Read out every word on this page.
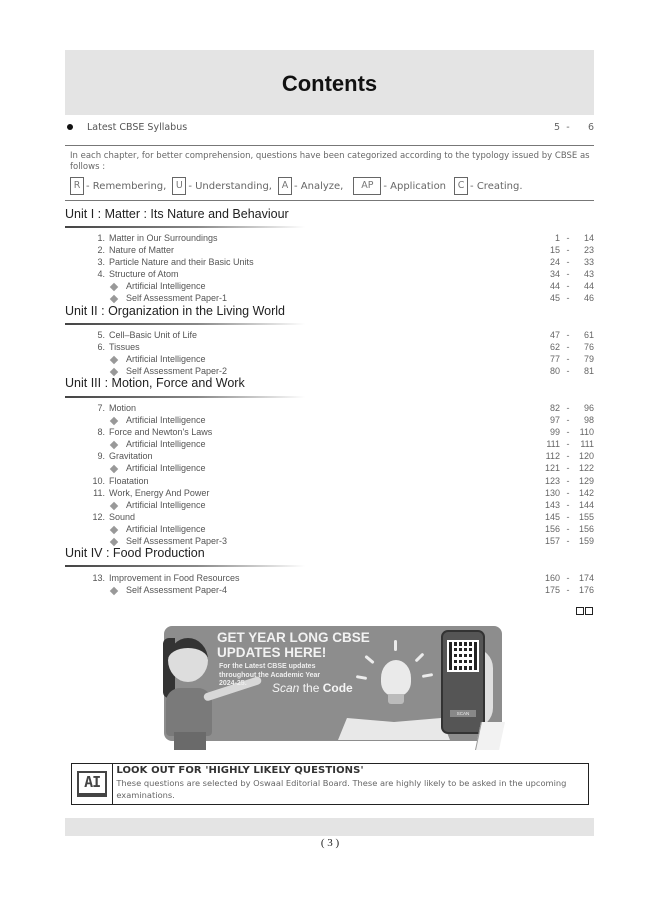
Contents
Latest CBSE Syllabus	5 -	6
In each chapter, for better comprehension, questions have been categorized according to the typology issued by CBSE as follows :
R - Remembering,	U - Understanding,	A - Analyze,	AP - Application	C - Creating.
Unit I : Matter : Its Nature and Behaviour
1. Matter in Our Surroundings	1 -	14
2. Nature of Matter	15 -	23
3. Particle Nature and their Basic Units	24 -	33
4. Structure of Atom	34 -	43
Artificial Intelligence	44 -	44
Self Assessment Paper-1	45 -	46
Unit II : Organization in the Living World
5. Cell–Basic Unit of Life	47 -	61
6. Tissues	62 -	76
Artificial Intelligence	77 -	79
Self Assessment Paper-2	80 -	81
Unit III : Motion, Force and Work
7. Motion	82 -	96
Artificial Intelligence	97 -	98
8. Force and Newton's Laws	99 -	110
Artificial Intelligence	111 -	111
9. Gravitation	112 -	120
Artificial Intelligence	121 -	122
10. Floatation	123 -	129
11. Work, Energy And Power	130 -	142
Artificial Intelligence	143 -	144
12. Sound	145 -	155
Artificial Intelligence	156 -	156
Self Assessment Paper-3	157 -	159
Unit IV : Food Production
13. Improvement in Food Resources	160 -	174
Self Assessment Paper-4	175 -	176
GET YEAR LONG CBSE
UPDATES HERE!
For the Latest CBSE updates
throughout the Academic Year
2024-25.	Scan the Code
SCAN
AI
LOOK OUT FOR 'HIGHLY LIKELY QUESTIONS'
These questions are selected by Oswaal Editorial Board. These are highly likely to be asked in the upcoming examinations.
( 3 )
